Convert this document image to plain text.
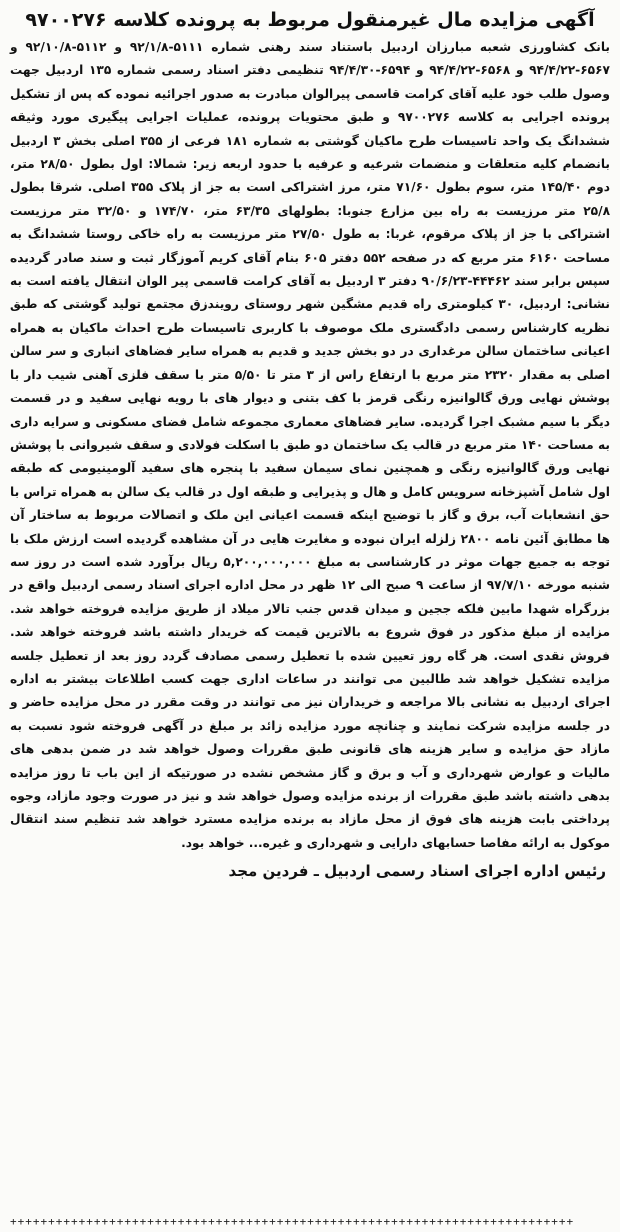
آگهی مزایده مال غیرمنقول مربوط به پرونده کلاسه ۹۷۰۰۲۷۶

بانک کشاورزی شعبه مبارزان اردبیل باستناد سند رهنی شماره ۵۱۱۱-۹۲/۱/۸ و ۵۱۱۲-۹۲/۱۰/۸ و ۶۵۶۷-۹۴/۴/۲۲ و ۶۵۶۸-۹۴/۴/۲۲ و ۶۵۹۴-۹۴/۴/۳۰ تنظیمی دفتر اسناد رسمی شماره ۱۳۵ اردبیل جهت وصول طلب خود علیه آقای کرامت قاسمی پیرالوان مبادرت به صدور اجرائیه نموده که پس از تشکیل پرونده اجرایی به کلاسه ۹۷۰۰۲۷۶ و طبق محتویات پرونده، عملیات اجرایی پیگیری مورد وثیقه ششدانگ یک واحد تاسیسات طرح ماکیان گوشتی به شماره ۱۸۱ فرعی از ۳۵۵ اصلی بخش ۳ اردبیل بانضمام کلیه متعلقات و منضمات شرعیه و عرفیه با حدود اربعه زیر: شمالا: اول بطول ۲۸/۵۰ متر، دوم ۱۴۵/۴۰ متر، سوم بطول ۷۱/۶۰ متر، مرز اشتراکی است به جز از پلاک ۳۵۵ اصلی. شرقا بطول ۲۵/۸ متر مرزیست به راه بین مزارع جنوبا: بطولهای ۶۳/۳۵ متر، ۱۷۴/۷۰ و ۳۲/۵۰ متر مرزیست اشتراکی با جز از پلاک مرقوم، غربا: به طول ۲۷/۵۰ متر مرزیست به راه خاکی روستا ششدانگ به مساحت ۶۱۶۰ متر مربع که در صفحه ۵۵۲ دفتر ۶۰۵ بنام آقای کریم آموزگار ثبت و سند صادر گردیده سپس برابر سند ۴۴۴۶۲-۹۰/۶/۲۳ دفتر ۳ اردبیل به آقای کرامت قاسمی پیر الوان انتقال یافته است به نشانی: اردبیل، ۳۰ کیلومتری راه قدیم مشگین شهر روستای رویندزق مجتمع تولید گوشتی که طبق نظریه کارشناس رسمی دادگستری ملک موصوف با کاربری تاسیسات طرح احداث ماکیان به همراه اعیانی ساختمان سالن مرغداری در دو بخش جدید و قدیم به همراه سایر فضاهای انباری و سر سالن اصلی به مقدار ۲۳۲۰ متر مربع با ارتفاع راس از ۳ متر تا ۵/۵۰ متر با سقف فلزی آهنی شیب دار با پوشش نهایی ورق گالوانیزه رنگی قرمز با کف بتنی و دیوار های با رویه نهایی سفید و در قسمت دیگر با سیم مشبک اجرا گردیده. سایر فضاهای معماری مجموعه شامل فضای مسکونی و سرایه داری به مساحت ۱۴۰ متر مربع در قالب یک ساختمان دو طبق با اسکلت فولادی و سقف شیروانی با پوشش نهایی ورق گالوانیزه رنگی و همچنین نمای سیمان سفید با پنجره های سفید آلومینیومی که طبقه اول شامل آشپزخانه سرویس کامل و هال و پذیرایی و طبقه اول در قالب یک سالن به همراه تراس با حق انشعابات آب، برق و گاز با توضیح اینکه قسمت اعیانی این ملک و اتصالات مربوط به ساختار آن ها مطابق آئین نامه ۲۸۰۰ زلزله ایران نبوده و مغایرت هایی در آن مشاهده گردیده است ارزش ملک با توجه به جمیع جهات موثر در کارشناسی به مبلغ ۵,۲۰۰,۰۰۰,۰۰۰ ریال برآورد شده است در روز سه شنبه مورخه ۹۷/۷/۱۰ از ساعت ۹ صبح الی ۱۲ ظهر در محل اداره اجرای اسناد رسمی اردبیل واقع در بزرگراه شهدا مابین فلکه ججین و میدان قدس جنب تالار میلاد از طریق مزایده فروخته خواهد شد. مزایده از مبلغ مذکور در فوق شروع به بالاترین قیمت که خریدار داشته باشد فروخته خواهد شد. فروش نقدی است. هر گاه روز تعیین شده با تعطیل رسمی مصادف گردد روز بعد از تعطیل جلسه مزایده تشکیل خواهد شد طالبین می توانند در ساعات اداری جهت کسب اطلاعات بیشتر به اداره اجرای اردبیل به نشانی بالا مراجعه و خریداران نیز می توانند در وقت مقرر در محل مزایده حاضر و در جلسه مزایده شرکت نمایند و چنانچه مورد مزایده زائد بر مبلغ در آگهی فروخته شود نسبت به مازاد حق مزایده و سایر هزینه های قانونی طبق مقررات وصول خواهد شد در ضمن بدهی های مالیات و عوارض شهرداری و آب و برق و گاز مشخص نشده در صورتیکه از این باب تا روز مزایده بدهی داشته باشد طبق مقررات از برنده مزایده وصول خواهد شد و نیز در صورت وجود مازاد، وجوه پرداختی بابت هزینه های فوق از محل مازاد به برنده مزایده مسترد خواهد شد تنظیم سند انتقال موکول به ارائه مفاصا حسابهای دارایی و شهرداری و غیره... خواهد بود.

رئیس اداره اجرای اسناد رسمی اردبیل ـ فردین مجد
++++++++++++++++++++++++++++++++++++++++++++++++++++++++++++++++++++++++++
